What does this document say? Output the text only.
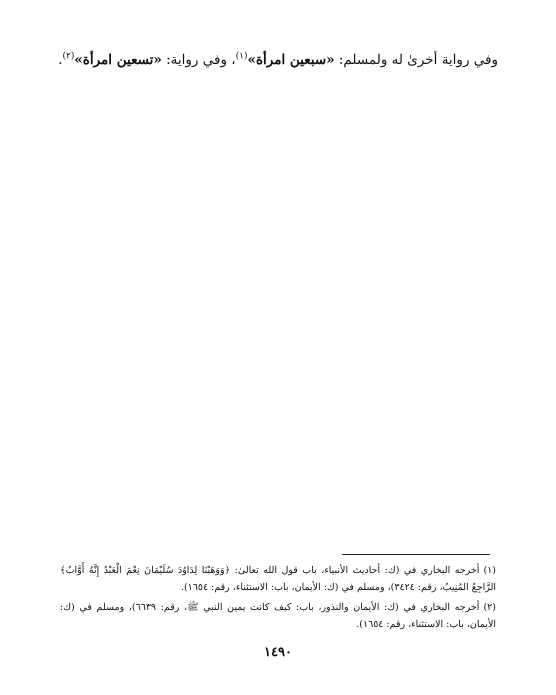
وفي رواية أخرىٰ له ولمسلم: «سبعين امرأة»$^{(١)}$، وفي رواية: «تسعين امرأة»$^{(٢)}$.

(١)أخرجه البخاري في (ك: أحاديث الأنبياء، باب قول الله تعالىٰ: ﴿وَوَهَبْنَا لِدَاوُدَ سُلَيْمَانَ نِعْمَ الْعَبْدُ إِنَّهُ أَوَّابٌ﴾ الرَّاجِعُ المُنِيبُ، رقم: ٣٤٢٤)، ومسلم في (ك: الأيمان، باب: الاستثناء، رقم: ١٦٥٤).

(٢)أخرجه البخاري في (ك: الأيمان والنذور، باب: كيف كانت يمين النبي ﷺ، رقم: ٦٦٣٩)، ومسلم في (ك: الأيمان، باب: الاستثناء، رقم: ١٦٥٤).

١٤٩٠
